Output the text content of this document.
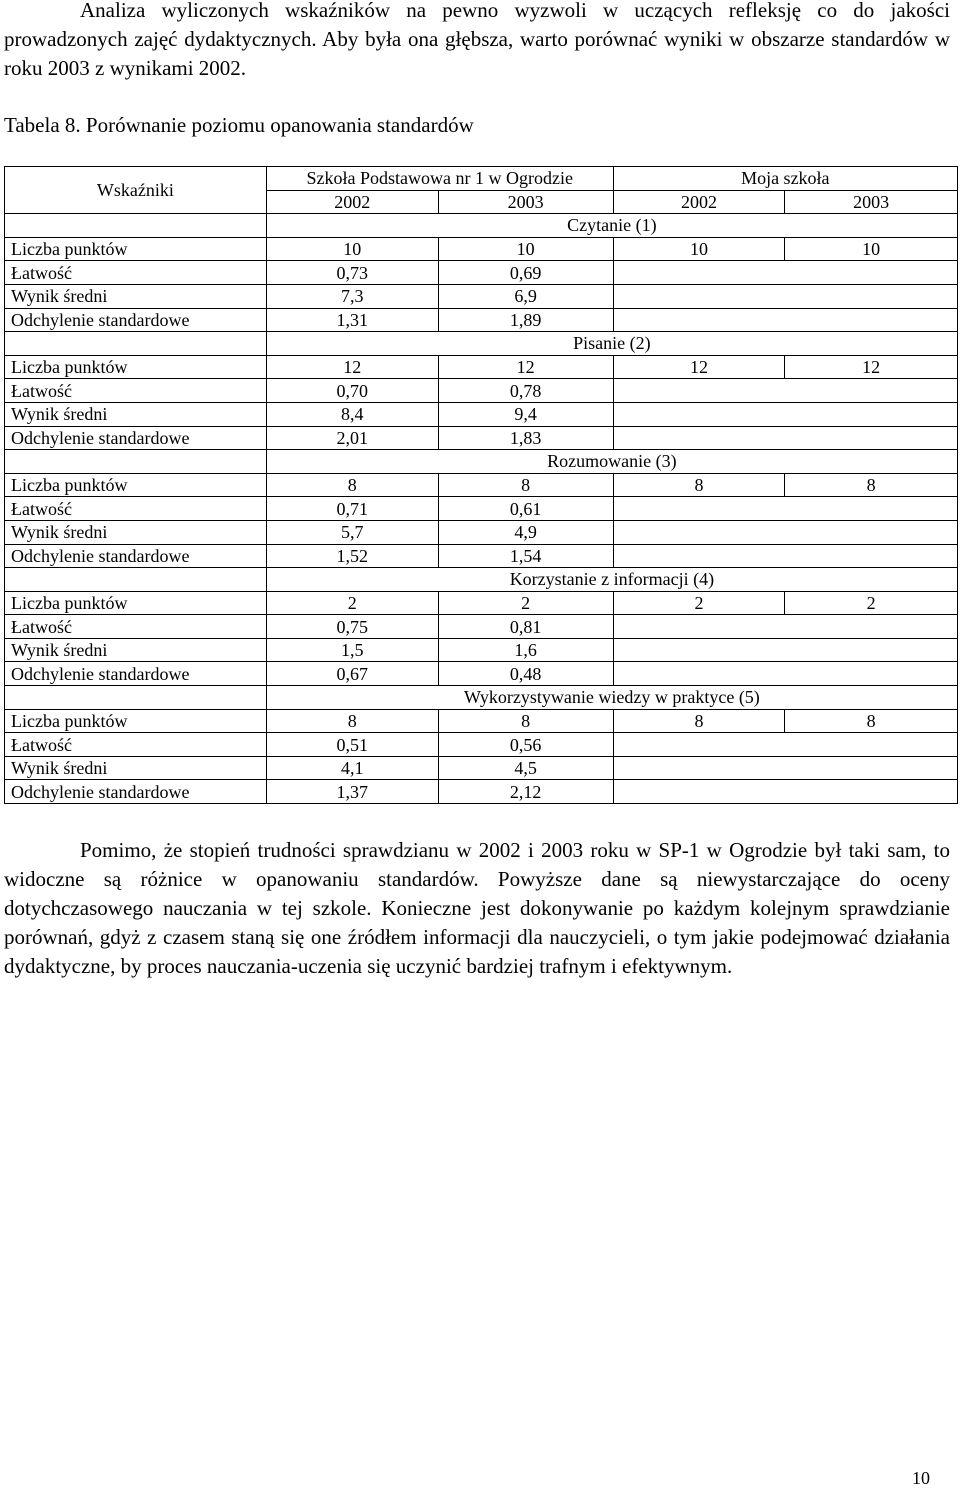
Analiza wyliczonych wskaźników na pewno wyzwoli w uczących refleksję co do jakości prowadzonych zajęć dydaktycznych. Aby była ona głębsza, warto porównać wyniki w obszarze standardów w roku 2003 z wynikami 2002.

Tabela 8. Porównanie poziomu opanowania standardów

Wskaźniki	Szkoła Podstawowa nr 1 w Ogrodzie		Moja szkoła	
	2002	2003	2002	2003
	Czytanie (1)			
Liczba punktów	10	10	10	10
Łatwość	0,73	0,69		
Wynik średni	7,3	6,9		
Odchylenie standardowe	1,31	1,89		
	Pisanie (2)			
Liczba punktów	12	12	12	12
Łatwość	0,70	0,78		
Wynik średni	8,4	9,4		
Odchylenie standardowe	2,01	1,83		
	Rozumowanie (3)			
Liczba punktów	8	8	8	8
Łatwość	0,71	0,61		
Wynik średni	5,7	4,9		
Odchylenie standardowe	1,52	1,54		
	Korzystanie z informacji (4)			
Liczba punktów	2	2	2	2
Łatwość	0,75	0,81		
Wynik średni	1,5	1,6		
Odchylenie standardowe	0,67	0,48		
	Wykorzystywanie wiedzy w praktyce (5)			
Liczba punktów	8	8	8	8
Łatwość	0,51	0,56		
Wynik średni	4,1	4,5		
Odchylenie standardowe	1,37	2,12		

Pomimo, że stopień trudności sprawdzianu w 2002 i 2003 roku w SP-1 w Ogrodzie był taki sam, to widoczne są różnice w opanowaniu standardów. Powyższe dane są niewystarczające do oceny dotychczasowego nauczania w tej szkole. Konieczne jest dokonywanie po każdym kolejnym sprawdzianie porównań, gdyż z czasem staną się one źródłem informacji dla nauczycieli, o tym jakie podejmować działania dydaktyczne, by proces nauczania-uczenia się uczynić bardziej trafnym i efektywnym.

10
